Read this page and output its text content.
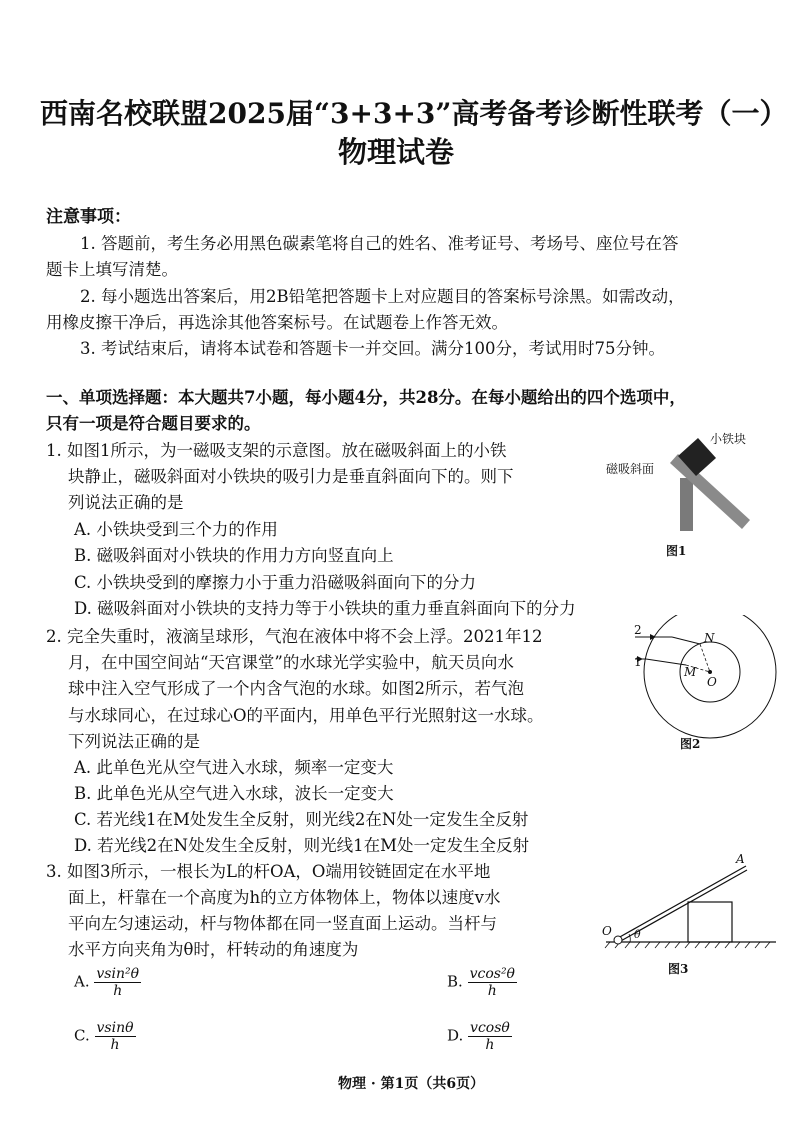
西南名校联盟2025届“3+3+3”高考备考诊断性联考（一）
物理试卷
注意事项：
1. 答题前，考生务必用黑色碳素笔将自己的姓名、准考证号、考场号、座位号在答
题卡上填写清楚。
2. 每小题选出答案后，用2B铅笔把答题卡上对应题目的答案标号涂黑。如需改动，
用橡皮擦干净后，再选涂其他答案标号。在试题卷上作答无效。
3. 考试结束后，请将本试卷和答题卡一并交回。满分100分，考试用时75分钟。
一、单项选择题：本大题共7小题，每小题4分，共28分。在每小题给出的四个选项中，
只有一项是符合题目要求的。
1. 如图1所示，为一磁吸支架的示意图。放在磁吸斜面上的小铁
块静止，磁吸斜面对小铁块的吸引力是垂直斜面向下的。则下
列说法正确的是
A. 小铁块受到三个力的作用
B. 磁吸斜面对小铁块的作用力方向竖直向上
C. 小铁块受到的摩擦力小于重力沿磁吸斜面向下的分力
D. 磁吸斜面对小铁块的支持力等于小铁块的重力垂直斜面向下的分力
小铁块
磁吸斜面
图1
2. 完全失重时，液滴呈球形，气泡在液体中将不会上浮。2021年12
月，在中国空间站“天宫课堂”的水球光学实验中，航天员向水
球中注入空气形成了一个内含气泡的水球。如图2所示，若气泡
与水球同心，在过球心O的平面内，用单色平行光照射这一水球。
下列说法正确的是
A. 此单色光从空气进入水球，频率一定变大
B. 此单色光从空气进入水球，波长一定变大
C. 若光线1在M处发生全反射，则光线2在N处一定发生全反射
D. 若光线2在N处发生全反射，则光线1在M处一定发生全反射
2
1
N
M
O
图2
3. 如图3所示，一根长为L的杆OA，O端用铰链固定在水平地
面上，杆靠在一个高度为h的立方体物体上，物体以速度v水
平向左匀速运动，杆与物体都在同一竖直面上运动。当杆与
水平方向夹角为θ时，杆转动的角速度为
A. $\frac{\text{vsin²θ}}{h}$	B. $\frac{\text{vcos²θ}}{h}$
C. $\frac{vsin\theta}{h}$	D. $\frac{vcos\theta}{h}$
A
O θ
图3
物理 · 第1页（共6页）
